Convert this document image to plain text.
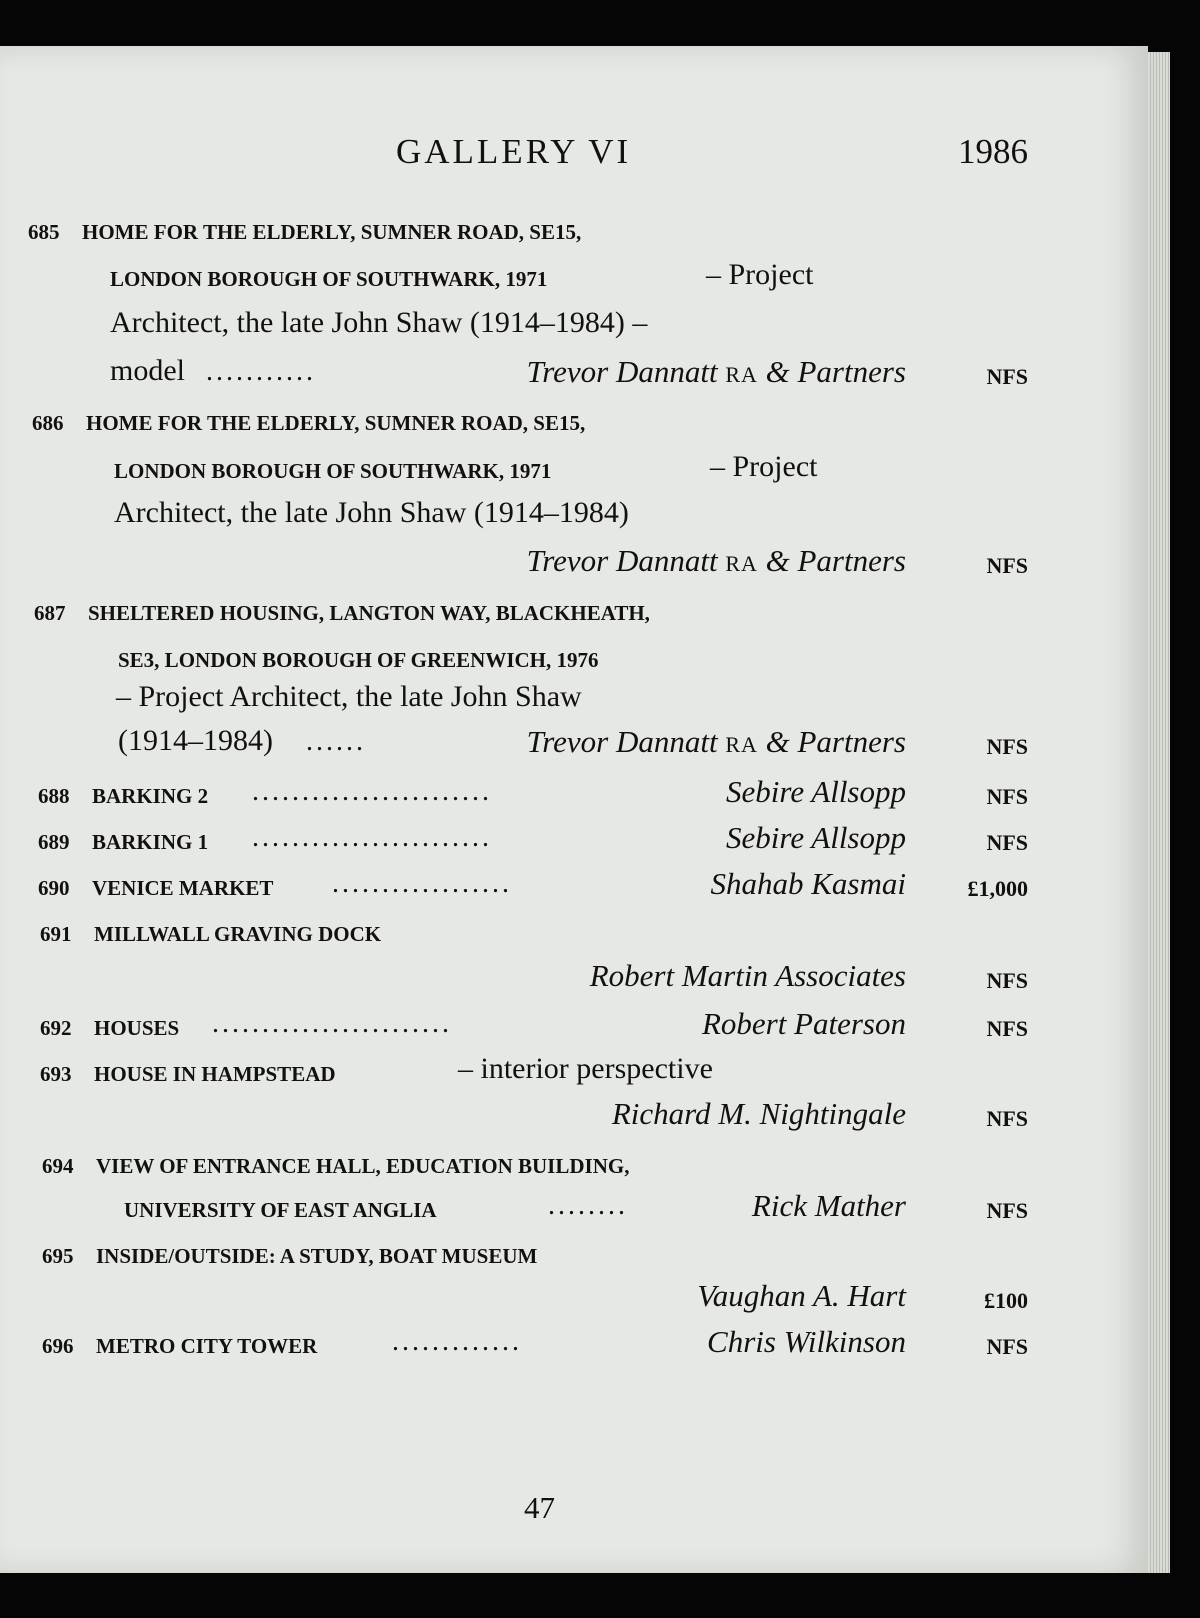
GALLERY VI	1986
685 HOME FOR THE ELDERLY, SUMNER ROAD, SE15,
LONDON BOROUGH OF SOUTHWARK, 1971	– Project
Architect, the late John Shaw (1914–1984) –
model ...........	Trevor Dannatt RA & Partners	NFS
686 HOME FOR THE ELDERLY, SUMNER ROAD, SE15,
LONDON BOROUGH OF SOUTHWARK, 1971	– Project
Architect, the late John Shaw (1914–1984)
Trevor Dannatt RA & Partners	NFS
687 SHELTERED HOUSING, LANGTON WAY, BLACKHEATH,
SE3, LONDON BOROUGH OF GREENWICH, 1976
– Project Architect, the late John Shaw
(1914–1984) ......	Trevor Dannatt RA & Partners	NFS
688 BARKING 2 ........................	Sebire Allsopp	NFS
689 BARKING 1 ........................	Sebire Allsopp	NFS
690 VENICE MARKET ..................	Shahab Kasmai	£1,000
691 MILLWALL GRAVING DOCK
Robert Martin Associates	NFS
692 HOUSES ........................	Robert Paterson	NFS
693 HOUSE IN HAMPSTEAD	– interior perspective
Richard M. Nightingale	NFS
694 VIEW OF ENTRANCE HALL, EDUCATION BUILDING,
UNIVERSITY OF EAST ANGLIA	........	Rick Mather	NFS
695 INSIDE/OUTSIDE: A STUDY, BOAT MUSEUM
Vaughan A. Hart	£100
696 METRO CITY TOWER	.............	Chris Wilkinson	NFS
47
